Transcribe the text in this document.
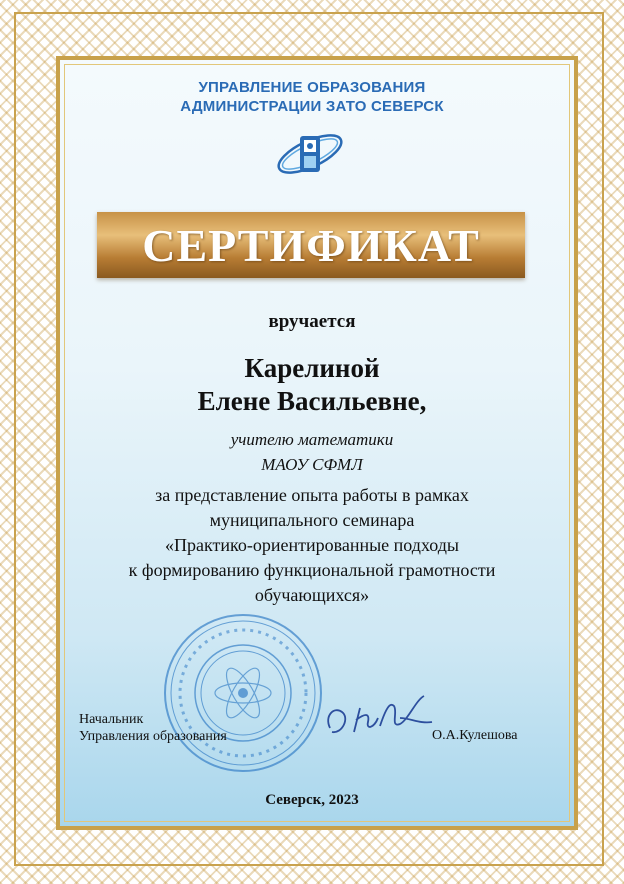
УПРАВЛЕНИЕ ОБРАЗОВАНИЯ
АДМИНИСТРАЦИИ ЗАТО СЕВЕРСК
СЕРТИФИКАТ
вручается
Карелиной
Елене Васильевне,
учителю математики
МАОУ СФМЛ
за представление опыта работы в рамках
муниципального семинара
«Практико-ориентированные подходы
к формированию функциональной грамотности
обучающихся»
Начальник
Управления образования	О.А.Кулешова
Северск, 2023
